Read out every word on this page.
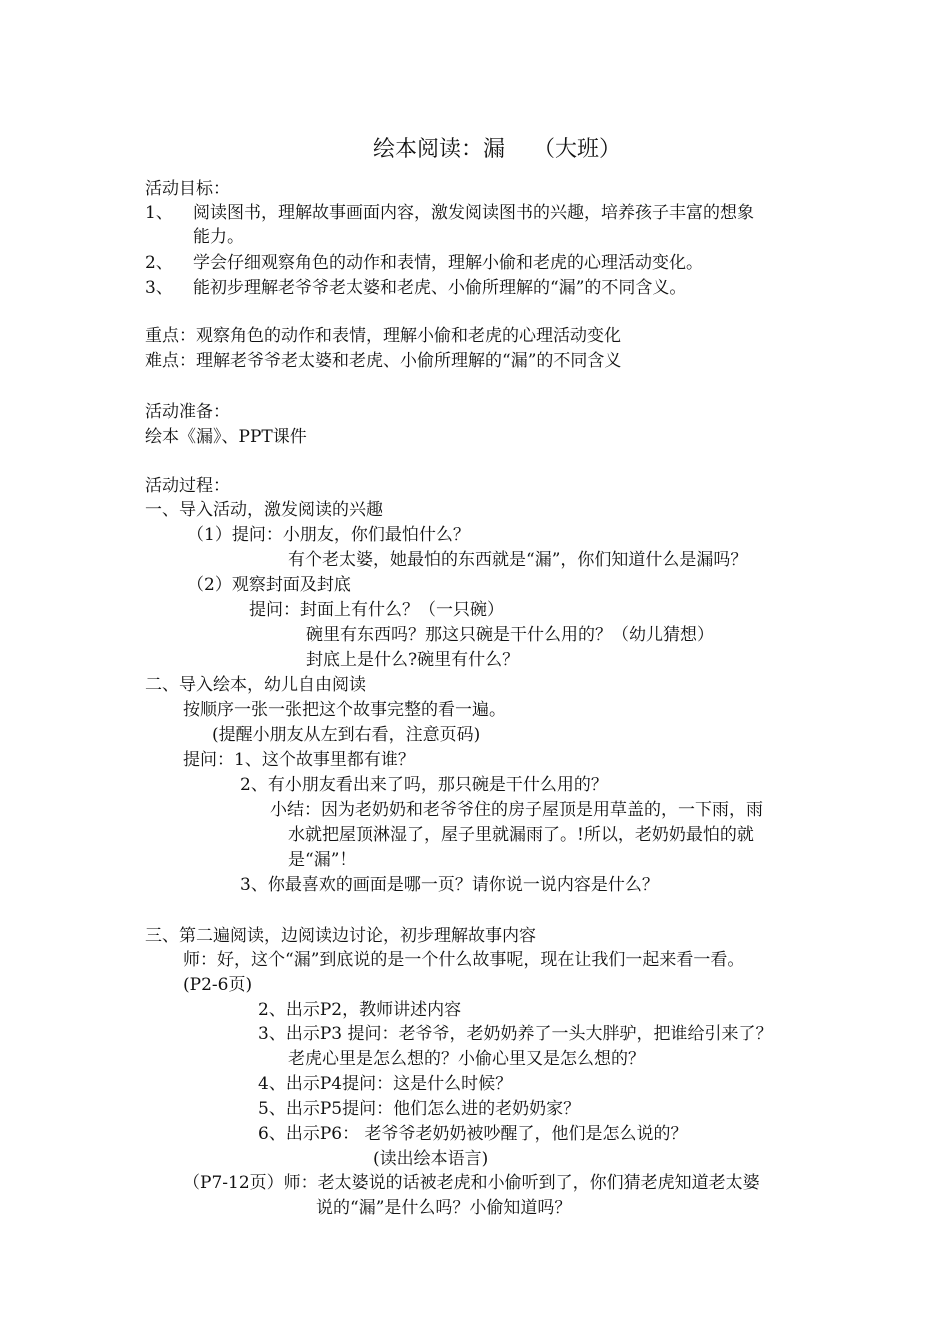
绘本阅读：漏    （大班）
活动目标：
1、 阅读图书，理解故事画面内容，激发阅读图书的兴趣，培养孩子丰富的想象
能力。
2、 学会仔细观察角色的动作和表情，理解小偷和老虎的心理活动变化。
3、 能初步理解老爷爷老太婆和老虎、小偷所理解的“漏”的不同含义。
重点：观察角色的动作和表情，理解小偷和老虎的心理活动变化
难点：理解老爷爷老太婆和老虎、小偷所理解的“漏”的不同含义
活动准备：
绘本《漏》、PPT课件
活动过程：
一、导入活动，激发阅读的兴趣
（1）提问：小朋友，你们最怕什么？
有个老太婆，她最怕的东西就是“漏”，你们知道什么是漏吗？
（2）观察封面及封底
提问：封面上有什么？（一只碗）
碗里有东西吗？那这只碗是干什么用的？（幼儿猜想）
封底上是什么?碗里有什么？
二、导入绘本，幼儿自由阅读
按顺序一张一张把这个故事完整的看一遍。
(提醒小朋友从左到右看，注意页码)
提问：1、这个故事里都有谁？
2、有小朋友看出来了吗，那只碗是干什么用的？
小结：因为老奶奶和老爷爷住的房子屋顶是用草盖的，一下雨，雨
水就把屋顶淋湿了，屋子里就漏雨了。!所以，老奶奶最怕的就
是“漏”！
3、你最喜欢的画面是哪一页？请你说一说内容是什么？
三、第二遍阅读，边阅读边讨论，初步理解故事内容
师：好，这个“漏”到底说的是一个什么故事呢，现在让我们一起来看一看。
(P2-6页)
2、出示P2，教师讲述内容
3、出示P3 提问：老爷爷，老奶奶养了一头大胖驴，把谁给引来了？
老虎心里是怎么想的？小偷心里又是怎么想的？
4、出示P4提问：这是什么时候？
5、出示P5提问：他们怎么进的老奶奶家？
6、出示P6： 老爷爷老奶奶被吵醒了，他们是怎么说的？
(读出绘本语言)
（P7-12页）师：老太婆说的话被老虎和小偷听到了，你们猜老虎知道老太婆
说的“漏”是什么吗？小偷知道吗？
